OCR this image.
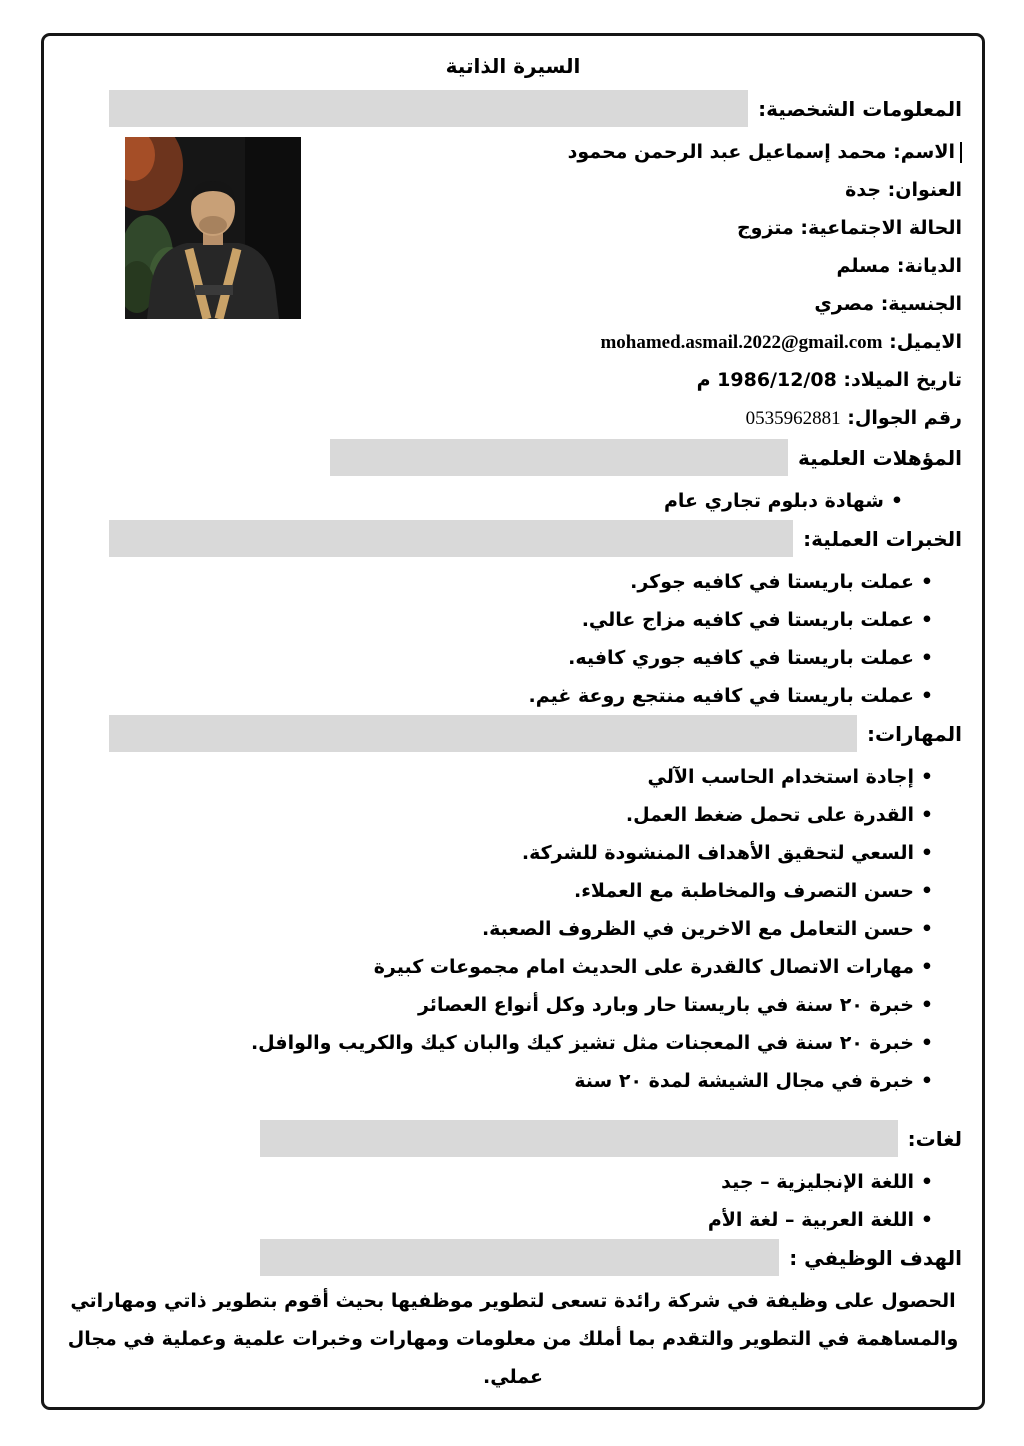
السيرة الذاتية
المعلومات الشخصية:
الاسم: محمد إسماعيل عبد الرحمن محمود
العنوان: جدة
الحالة الاجتماعية: متزوج
الديانة: مسلم
الجنسية: مصري
الايميل: mohamed.asmail.2022@gmail.com
تاريخ الميلاد: 1986/12/08 م
رقم الجوال: 0535962881
المؤهلات العلمية
•
شهادة دبلوم تجاري عام
الخبرات العملية:
•
عملت باريستا في كافيه جوكر.
•
عملت باريستا في كافيه مزاج عالي.
•
عملت باريستا في كافيه جوري كافيه.
•
عملت باريستا في كافيه منتجع روعة غيم.
المهارات:
•
إجادة استخدام الحاسب الآلي
•
القدرة على تحمل ضغط العمل.
•
السعي لتحقيق الأهداف المنشودة للشركة.
•
حسن التصرف والمخاطبة مع العملاء.
•
حسن التعامل مع الاخرين في الظروف الصعبة.
•
مهارات الاتصال كالقدرة على الحديث امام مجموعات كبيرة
•
خبرة ٢٠ سنة في باريستا حار وبارد وكل أنواع العصائر
•
خبرة ٢٠ سنة في المعجنات مثل تشيز كيك والبان كيك والكريب والوافل.
•
خبرة في مجال الشيشة لمدة ٢٠ سنة
لغات:
•
اللغة الإنجليزية – جيد
•
اللغة العربية – لغة الأم
الهدف الوظيفي :
الحصول على وظيفة في شركة رائدة تسعى لتطوير موظفيها بحيث أقوم بتطوير ذاتي ومهاراتي والمساهمة في التطوير والتقدم بما أملك من معلومات ومهارات وخبرات علمية وعملية في مجال عملي.
